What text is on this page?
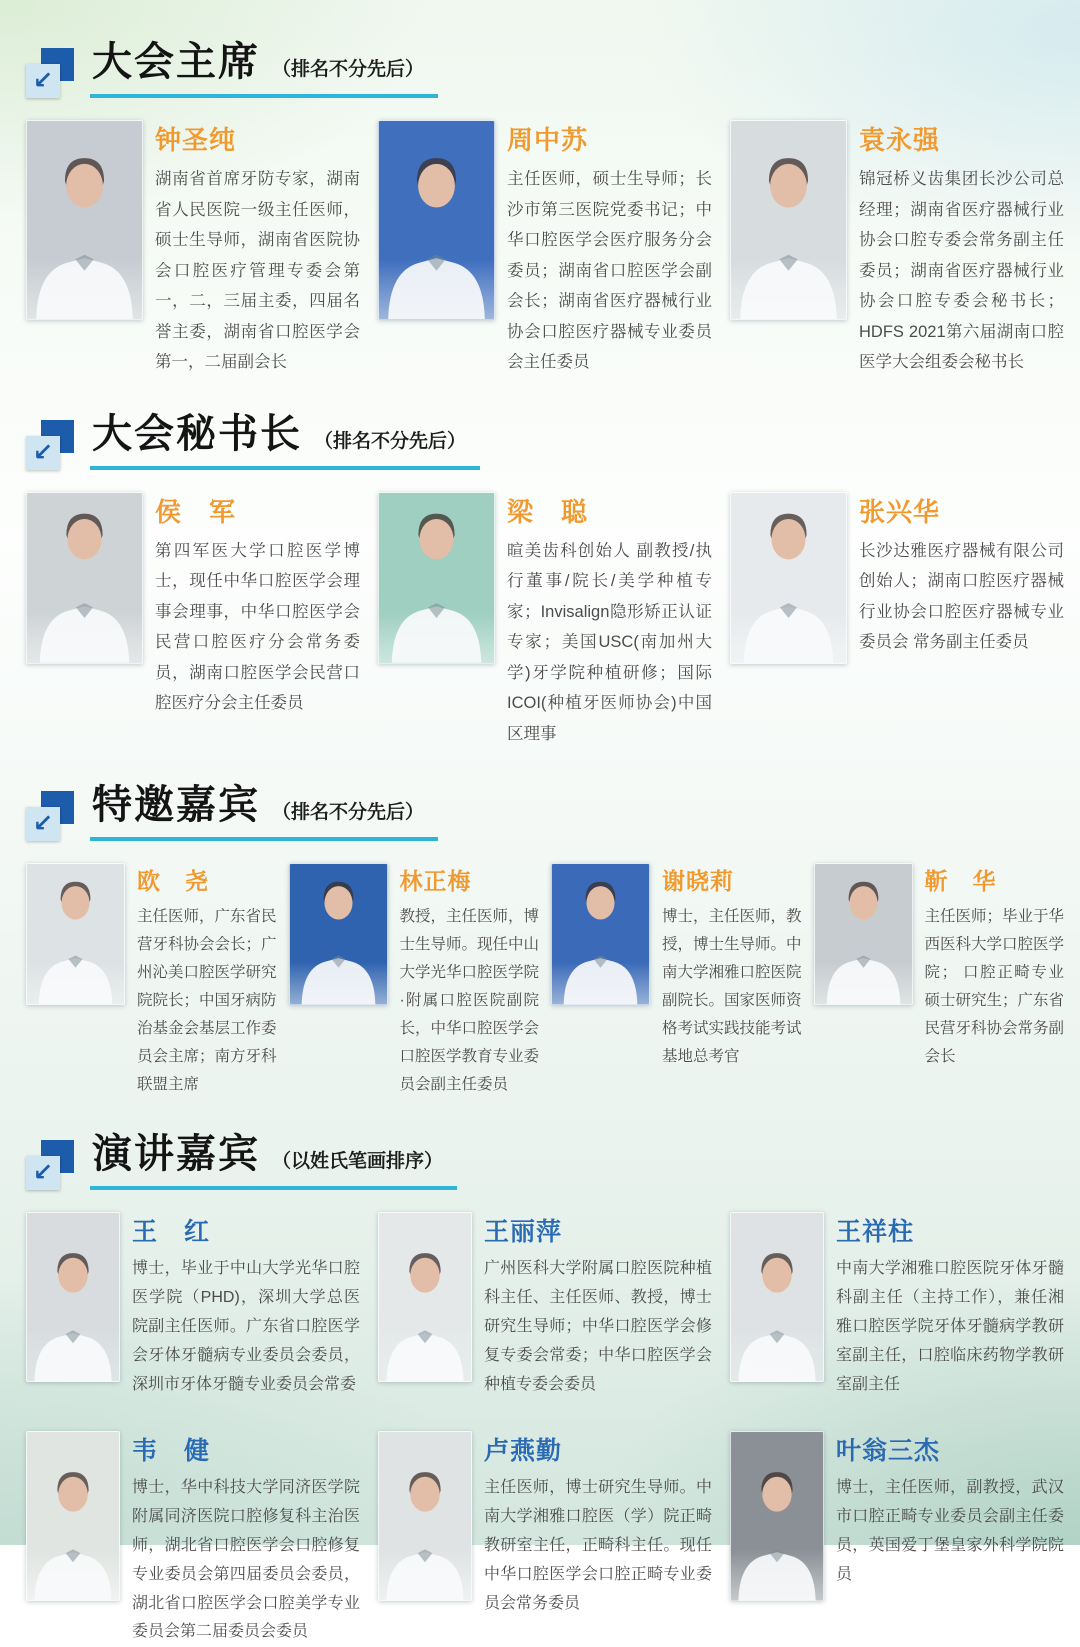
↙ 大会主席 （排名不分先后）
钟圣纯
湖南省首席牙防专家，湖南省人民医院一级主任医师，硕士生导师，湖南省医院协会口腔医疗管理专委会第一，二，三届主委，四届名誉主委，湖南省口腔医学会第一，二届副会长
周中苏
主任医师，硕士生导师；长沙市第三医院党委书记；中华口腔医学会医疗服务分会委员；湖南省口腔医学会副会长；湖南省医疗器械行业协会口腔医疗器械专业委员会主任委员
袁永强
锦冠桥义齿集团长沙公司总经理；湖南省医疗器械行业协会口腔专委会常务副主任委员；湖南省医疗器械行业协会口腔专委会秘书长；HDFS 2021第六届湖南口腔医学大会组委会秘书长
↙ 大会秘书长 （排名不分先后）
侯　军
第四军医大学口腔医学博士，现任中华口腔医学会理事会理事，中华口腔医学会民营口腔医疗分会常务委员，湖南口腔医学会民营口腔医疗分会主任委员
梁　聪
暄美齿科创始人 副教授/执行董事/院长/美学种植专家；Invisalign隐形矫正认证专家；美国USC(南加州大学)牙学院种植研修；国际ICOI(种植牙医师协会)中国区理事
张兴华
长沙达雅医疗器械有限公司创始人；湖南口腔医疗器械行业协会口腔医疗器械专业委员会 常务副主任委员
↙ 特邀嘉宾 （排名不分先后）
欧　尧
主任医师，广东省民营牙科协会会长；广州沁美口腔医学研究院院长；中国牙病防治基金会基层工作委员会主席；南方牙科联盟主席
林正梅
教授，主任医师，博士生导师。现任中山大学光华口腔医学院·附属口腔医院副院长，中华口腔医学会口腔医学教育专业委员会副主任委员
谢晓莉
博士，主任医师，教授，博士生导师。中南大学湘雅口腔医院副院长。国家医师资格考试实践技能考试基地总考官
靳　华
主任医师；毕业于华西医科大学口腔医学院； 口腔正畸专业硕士研究生；广东省民营牙科协会常务副会长
↙ 演讲嘉宾 （以姓氏笔画排序）
王　红
博士，毕业于中山大学光华口腔医学院（PHD)，深圳大学总医院副主任医师。广东省口腔医学会牙体牙髓病专业委员会委员，深圳市牙体牙髓专业委员会常委
王丽萍
广州医科大学附属口腔医院种植科主任、主任医师、教授，博士研究生导师；中华口腔医学会修复专委会常委；中华口腔医学会种植专委会委员
王祥柱
中南大学湘雅口腔医院牙体牙髓科副主任（主持工作），兼任湘雅口腔医学院牙体牙髓病学教研室副主任，口腔临床药物学教研室副主任
韦　健
博士，华中科技大学同济医学院附属同济医院口腔修复科主治医师，湖北省口腔医学会口腔修复专业委员会第四届委员会委员，湖北省口腔医学会口腔美学专业委员会第二届委员会委员
卢燕勤
主任医师，博士研究生导师。中南大学湘雅口腔医（学）院正畸教研室主任，正畸科主任。现任中华口腔医学会口腔正畸专业委员会常务委员
叶翁三杰
博士，主任医师，副教授，武汉市口腔正畸专业委员会副主任委员，英国爱丁堡皇家外科学院院员
